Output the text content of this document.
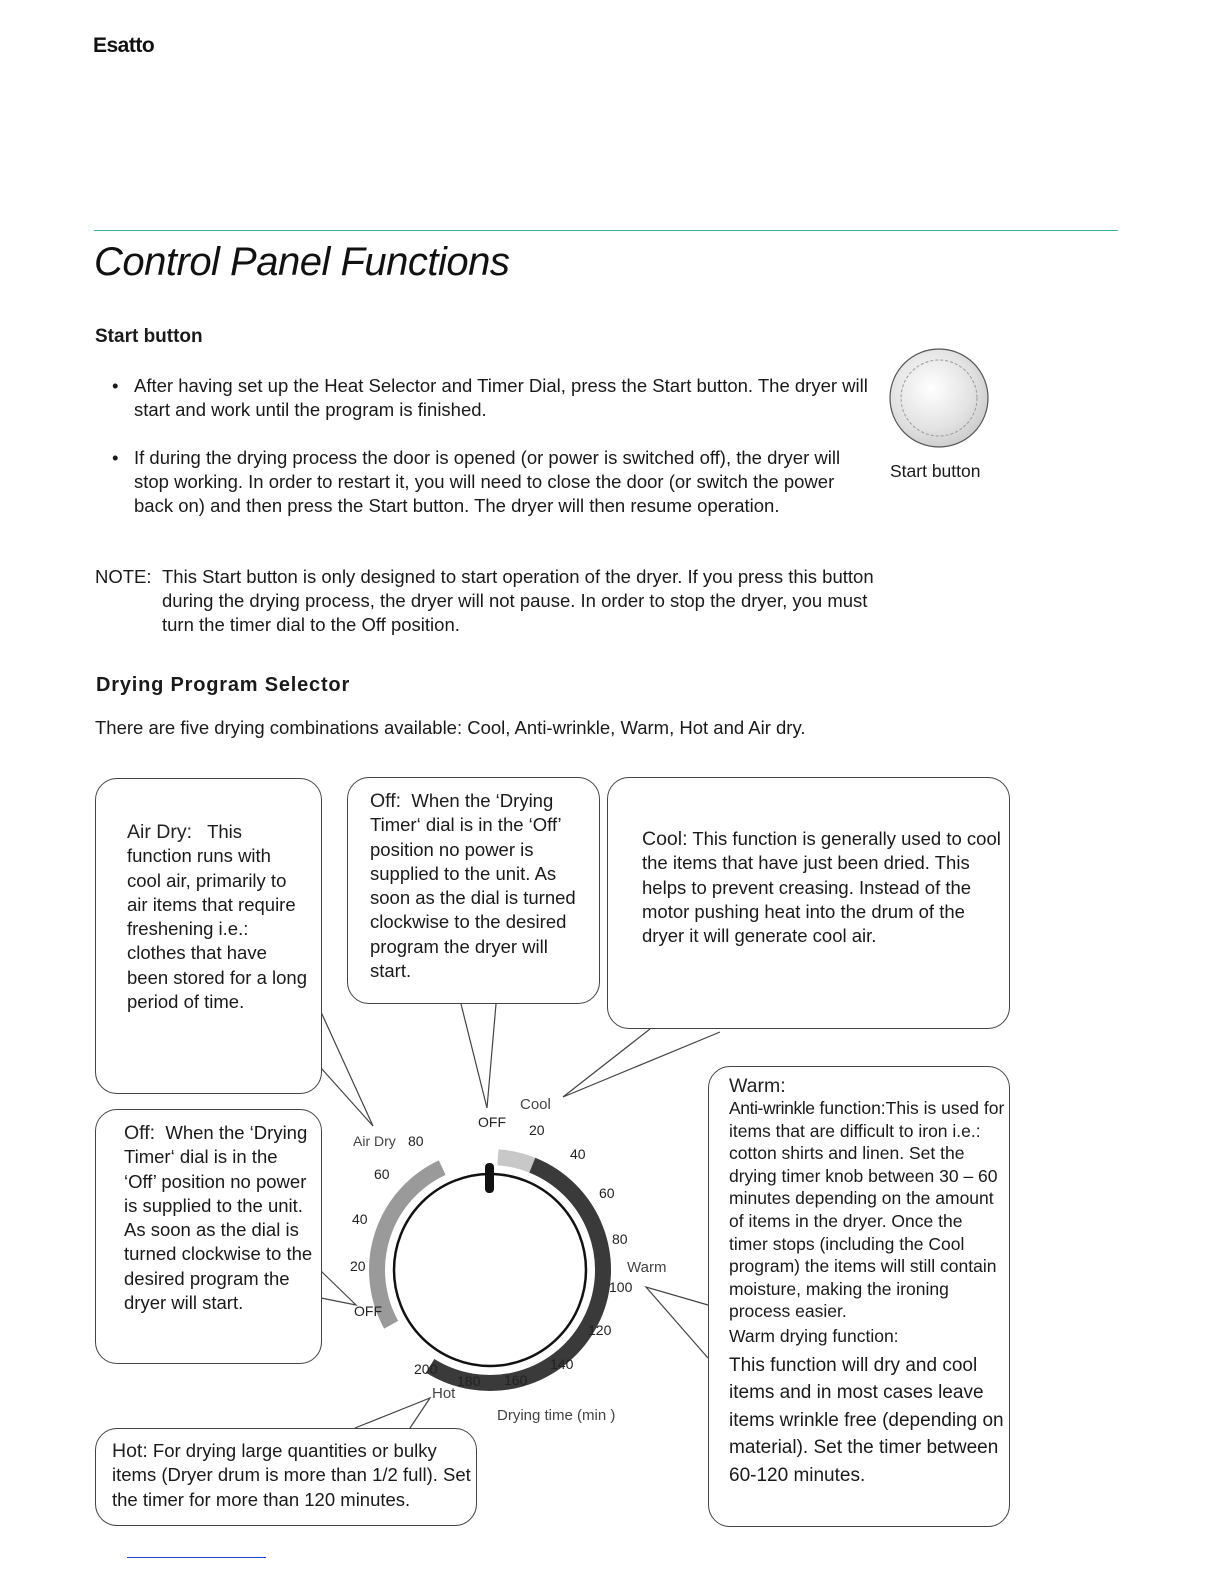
Esatto
Control Panel Functions
Start button
• After having set up the Heat Selector and Timer Dial, press the Start button. The dryer will start and work until the program is finished.
• If during the drying process the door is opened (or power is switched off), the dryer will stop working. In order to restart it, you will need to close the door (or switch the power back on) and then press the Start button. The dryer will then resume operation.
NOTE: This Start button is only designed to start operation of the dryer. If you press this button during the drying process, the dryer will not pause. In order to stop the dryer, you must turn the timer dial to the Off position.
Start button
Drying Program Selector
There are five drying combinations available: Cool, Anti-wrinkle, Warm, Hot and Air dry.
Air Dry: This function runs with cool air, primarily to air items that require freshening i.e.: clothes that have been stored for a long period of time.
Off: When the ‘Drying Timer‘ dial is in the ‘Off’ position no power is supplied to the unit. As soon as the dial is turned clockwise to the desired program the dryer will start.
Cool: This function is generally used to cool the items that have just been dried. This helps to prevent creasing. Instead of the motor pushing heat into the drum of the dryer it will generate cool air.
Off: When the ‘Drying Timer‘ dial is in the ‘Off’ position no power is supplied to the unit. As soon as the dial is turned clockwise to the desired program the dryer will start.
Hot: For drying large quantities or bulky items (Dryer drum is more than 1/2 full). Set the timer for more than 120 minutes.
Warm:
Anti-wrinkle function:This is used for items that are difficult to iron i.e.: cotton shirts and linen. Set the drying timer knob between 30 – 60 minutes depending on the amount of items in the dryer. Once the timer stops (including the Cool program) the items will still contain moisture, making the ironing process easier.
Warm drying function:
This function will dry and cool items and in most cases leave items wrinkle free (depending on material). Set the timer between 60-120 minutes.
OFF
Air Dry
Cool
Warm
Hot
OFF
80
60
40
20
20
40
60
80
100
120
140
160
180
200
Drying time (min )
